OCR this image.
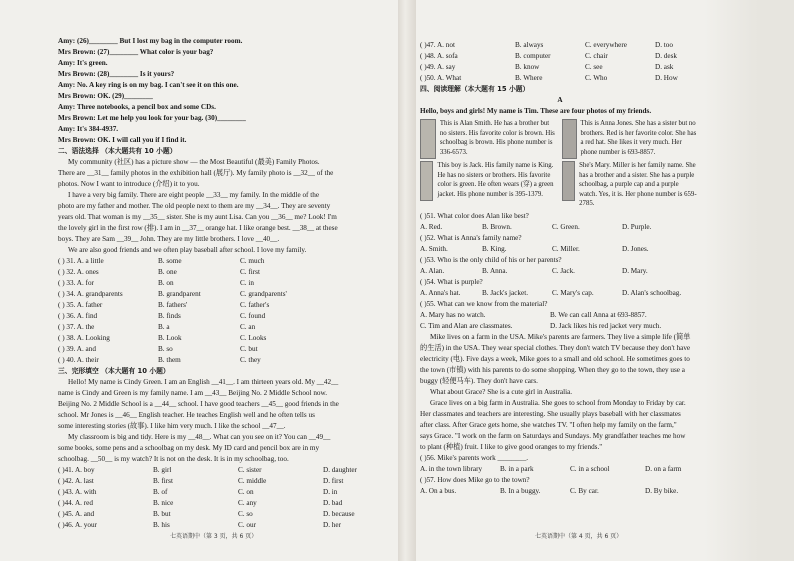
Amy: (26)________ But I lost my bag in the computer room.
Mrs Brown: (27)________ What color is your bag?
Amy: It's green.
Mrs Brown: (28)________ Is it yours?
Amy: No. A key ring is on my bag. I can't see it on this one.
Mrs Brown: OK. (29)________
Amy: Three notebooks, a pencil box and some CDs.
Mrs Brown: Let me help you look for your bag. (30)________
Amy: It's 384-4937.
Mrs Brown: OK. I will call you if I find it.
二、语法选择 （本大题共有 10 小题）
My community (社区) has a picture show — the Most Beautiful (最美) Family Photos.
There are __31__ family photos in the exhibition hall (展厅). My family photo is __32__ of the
photos. Now I want to introduce (介绍) it to you.
I have a very big family. There are eight people __33__ my family. In the middle of the
photo are my father and mother. The old people next to them are my __34__. They are seventy
years old. That woman is my __35__ sister. She is my aunt Lisa. Can you __36__ me? Look! I'm
the lovely girl in the first row (排). I am in __37__ orange hat. I like orange best. __38__ at these
boys. They are Sam __39__ John. They are my little brothers. I love __40__.
We are also good friends and we often play baseball after school. I love my family.
( ) 31. A. a little	B. some	C. much
( ) 32. A. ones	B. one	C. first
( ) 33. A. for	B. on	C. in
( ) 34. A. grandparents	B. grandparent	C. grandparents'
( ) 35. A. father	B. fathers'	C. father's
( ) 36. A. find	B. finds	C. found
( ) 37. A. the	B. a	C. an
( ) 38. A. Looking	B. Look	C. Looks
( ) 39. A. and	B. so	C. but
( ) 40. A. their	B. them	C. they
三、完形填空 （本大题有 10 小题）
Hello! My name is Cindy Green. I am an English __41__. I am thirteen years old. My __42__
name is Cindy and Green is my family name. I am __43__ Beijing No. 2 Middle School now.
Beijing No. 2 Middle School is a __44__ school. I have good teachers __45__ good friends in the
school. Mr Jones is __46__ English teacher. He teaches English well and he often tells us
some interesting stories (故事). I like him very much. I like the school __47__.
My classroom is big and tidy. Here is my __48__. What can you see on it? You can __49__
some books, some pens and a schoolbag on my desk. My ID card and pencil box are in my
schoolbag. __50__ is my watch? It is not on the desk. It is in my schoolbag, too.
( )41. A. boy	B. girl	C. sister	D. daughter
( )42. A. last	B. first	C. middle	D. first
( )43. A. with	B. of	C. on	D. in
( )44. A. red	B. nice	C. any	D. bad
( )45. A. and	B. but	C. so	D. because
( )46. A. your	B. his	C. our	D. her
七英语期中（第 3 页，共 6 页）
( )47. A. not	B. always	C. everywhere	D. too
( )48. A. sofa	B. computer	C. chair	D. desk
( )49. A. say	B. know	C. see	D. ask
( )50. A. What	B. Where	C. Who	D. How
四、阅读理解（本大题有 15 小题）
A
Hello, boys and girls! My name is Tim. These are four photos of my friends.
This is Alan Smith. He has a brother but no sisters. His favorite color is brown. His schoolbag is brown. His phone number is 336-6573.
This is Anna Jones. She has a sister but no brothers. Red is her favorite color. She has a red hat. She likes it very much. Her phone number is 693-8857.
This boy is Jack. His family name is King. He has no sisters or brothers. His favorite color is green. He often wears (穿) a green jacket. His phone number is 395-1379.
She's Mary. Miller is her family name. She has a brother and a sister. She has a purple schoolbag, a purple cap and a purple watch. Yes, it is. Her phone number is 659-2785.
( )51. What color does Alan like best?
A. Red.	B. Brown.	C. Green.	D. Purple.
( )52. What is Anna's family name?
A. Smith.	B. King.	C. Miller.	D. Jones.
( )53. Who is the only child of his or her parents?
A. Alan.	B. Anna.	C. Jack.	D. Mary.
( )54. What is purple?
A. Anna's hat.	B. Jack's jacket.	C. Mary's cap.	D. Alan's schoolbag.
( )55. What can we know from the material?
A. Mary has no watch.	B. We can call Anna at 693-8857.
C. Tim and Alan are classmates.	D. Jack likes his red jacket very much.
Mike lives on a farm in the USA. Mike's parents are farmers. They live a simple life (简单
的生活) in the USA. They wear special clothes. They don't watch TV because they don't have
electricity (电). Five days a week, Mike goes to a small and old school. He sometimes goes to
the town (市镇) with his parents to do some shopping. When they go to the town, they use a
buggy (轻便马车). They don't have cars.
What about Grace? She is a cute girl in Australia.
Grace lives on a big farm in Australia. She goes to school from Monday to Friday by car.
Her classmates and teachers are interesting. She usually plays baseball with her classmates
after class. After Grace gets home, she watches TV. "I often help my family on the farm,"
says Grace. "I work on the farm on Saturdays and Sundays. My grandfather teaches me how
to plant (种植) fruit. I like to give good oranges to my friends."
( )56. Mike's parents work ________.
A. in the town library	B. in a park	C. in a school	D. on a farm
( )57. How does Mike go to the town?
A. On a bus.	B. In a buggy.	C. By car.	D. By bike.
七英语期中（第 4 页，共 6 页）
